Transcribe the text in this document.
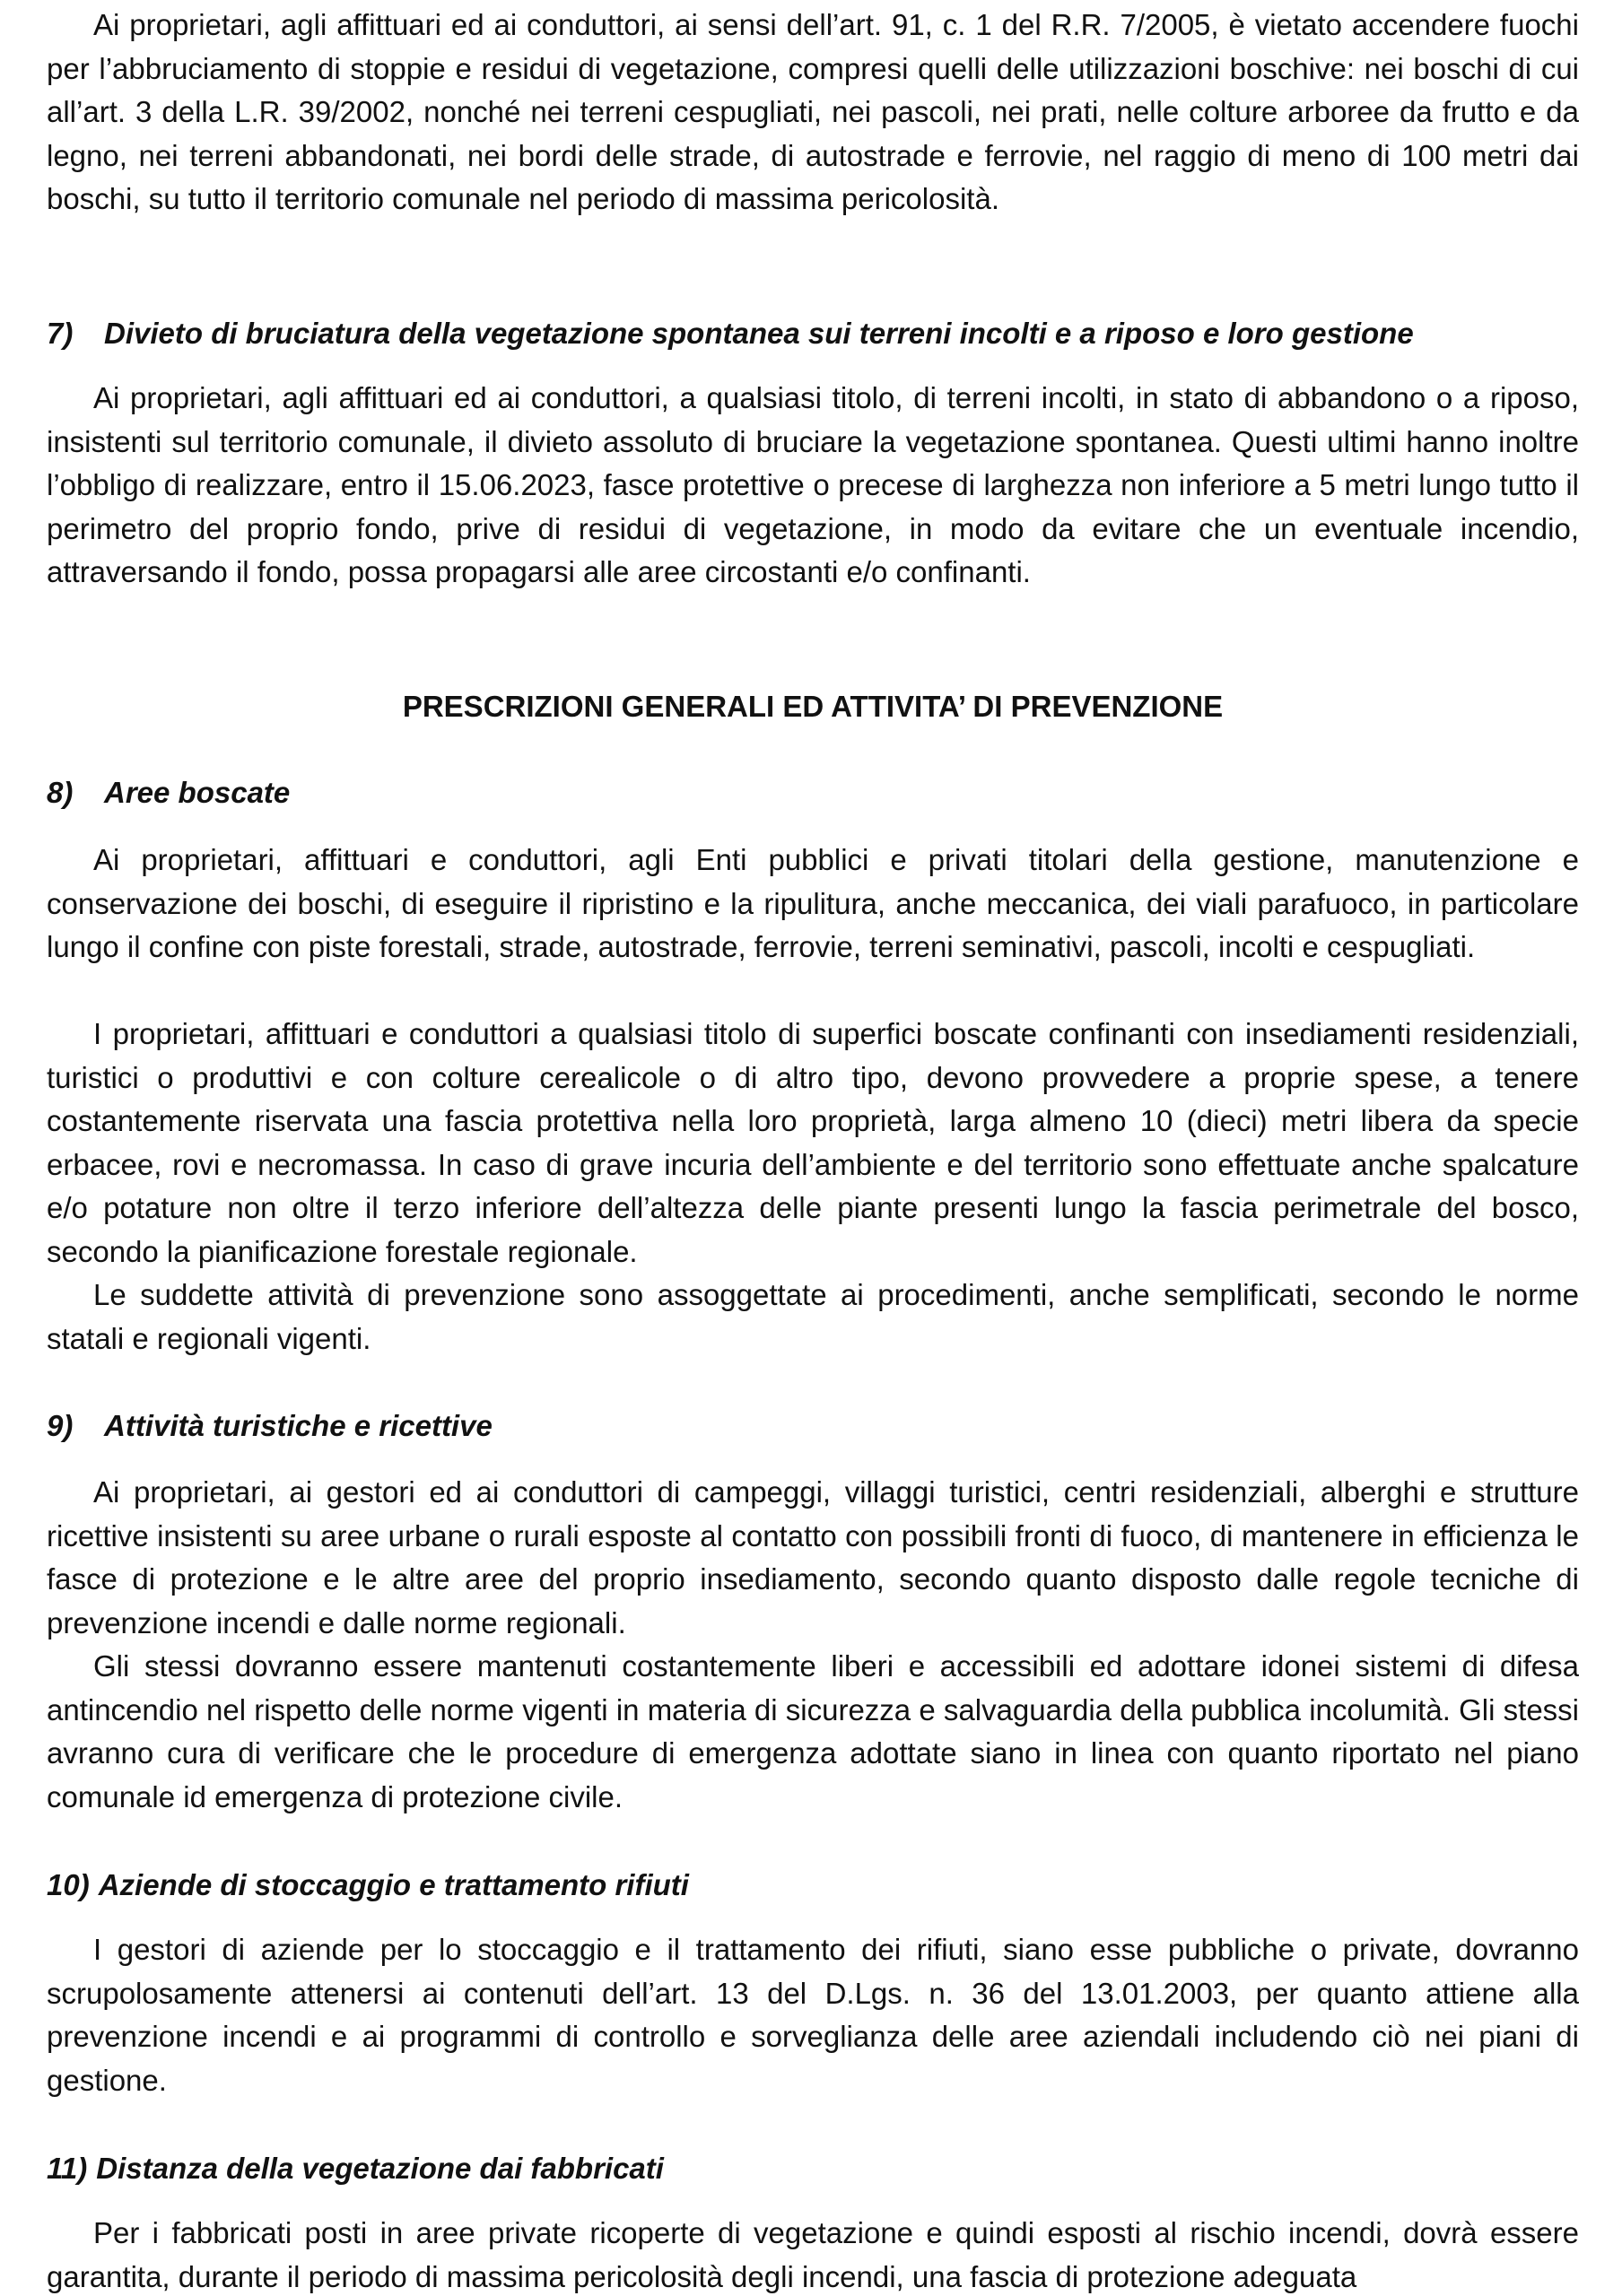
Ai proprietari, agli affittuari ed ai conduttori, ai sensi dell’art. 91, c. 1 del R.R. 7/2005, è vietato accendere fuochi per l’abbruciamento di stoppie e residui di vegetazione, compresi quelli delle utilizzazioni boschive: nei boschi di cui all’art. 3 della L.R. 39/2002, nonché nei terreni cespugliati, nei pascoli, nei prati, nelle colture arboree da frutto e da legno, nei terreni abbandonati, nei bordi delle strade, di autostrade e ferrovie, nel raggio di meno di 100 metri dai boschi, su tutto il territorio comunale nel periodo di massima pericolosità.

7) Divieto di bruciatura della vegetazione spontanea sui terreni incolti e a riposo e loro gestione

Ai proprietari, agli affittuari ed ai conduttori, a qualsiasi titolo, di terreni incolti, in stato di abbandono o a riposo, insistenti sul territorio comunale, il divieto assoluto di bruciare la vegetazione spontanea. Questi ultimi hanno inoltre l’obbligo di realizzare, entro il 15.06.2023, fasce protettive o precese di larghezza non inferiore a 5 metri lungo tutto il perimetro del proprio fondo, prive di residui di vegetazione, in modo da evitare che un eventuale incendio, attraversando il fondo, possa propagarsi alle aree circostanti e/o confinanti.

PRESCRIZIONI GENERALI ED ATTIVITA’ DI PREVENZIONE
8) Aree boscate

Ai proprietari, affittuari e conduttori, agli Enti pubblici e privati titolari della gestione, manutenzione e conservazione dei boschi, di eseguire il ripristino e la ripulitura, anche meccanica, dei viali parafuoco, in particolare lungo il confine con piste forestali, strade, autostrade, ferrovie, terreni seminativi, pascoli, incolti e cespugliati.

I proprietari, affittuari e conduttori a qualsiasi titolo di superfici boscate confinanti con insediamenti residenziali, turistici o produttivi e con colture cerealicole o di altro tipo, devono provvedere a proprie spese, a tenere costantemente riservata una fascia protettiva nella loro proprietà, larga almeno 10 (dieci) metri libera da specie erbacee, rovi e necromassa. In caso di grave incuria dell’ambiente e del territorio sono effettuate anche spalcature e/o potature non oltre il terzo inferiore dell’altezza delle piante presenti lungo la fascia perimetrale del bosco, secondo la pianificazione forestale regionale.

Le suddette attività di prevenzione sono assoggettate ai procedimenti, anche semplificati, secondo le norme statali e regionali vigenti.

9) Attività turistiche e ricettive

Ai proprietari, ai gestori ed ai conduttori di campeggi, villaggi turistici, centri residenziali, alberghi e strutture ricettive insistenti su aree urbane o rurali esposte al contatto con possibili fronti di fuoco, di mantenere in efficienza le fasce di protezione e le altre aree del proprio insediamento, secondo quanto disposto dalle regole tecniche di prevenzione incendi e dalle norme regionali.

Gli stessi dovranno essere mantenuti costantemente liberi e accessibili ed adottare idonei sistemi di difesa antincendio nel rispetto delle norme vigenti in materia di sicurezza e salvaguardia della pubblica incolumità. Gli stessi avranno cura di verificare che le procedure di emergenza adottate siano in linea con quanto riportato nel piano comunale id emergenza di protezione civile.

10) Aziende di stoccaggio e trattamento rifiuti

I gestori di aziende per lo stoccaggio e il trattamento dei rifiuti, siano esse pubbliche o private, dovranno scrupolosamente attenersi ai contenuti dell’art. 13 del D.Lgs. n. 36 del 13.01.2003, per quanto attiene alla prevenzione incendi e ai programmi di controllo e sorveglianza delle aree aziendali includendo ciò nei piani di gestione.

11) Distanza della vegetazione dai fabbricati

Per i fabbricati posti in aree private ricoperte di vegetazione e quindi esposti al rischio incendi, dovrà essere garantita, durante il periodo di massima pericolosità degli incendi, una fascia di protezione adeguata
